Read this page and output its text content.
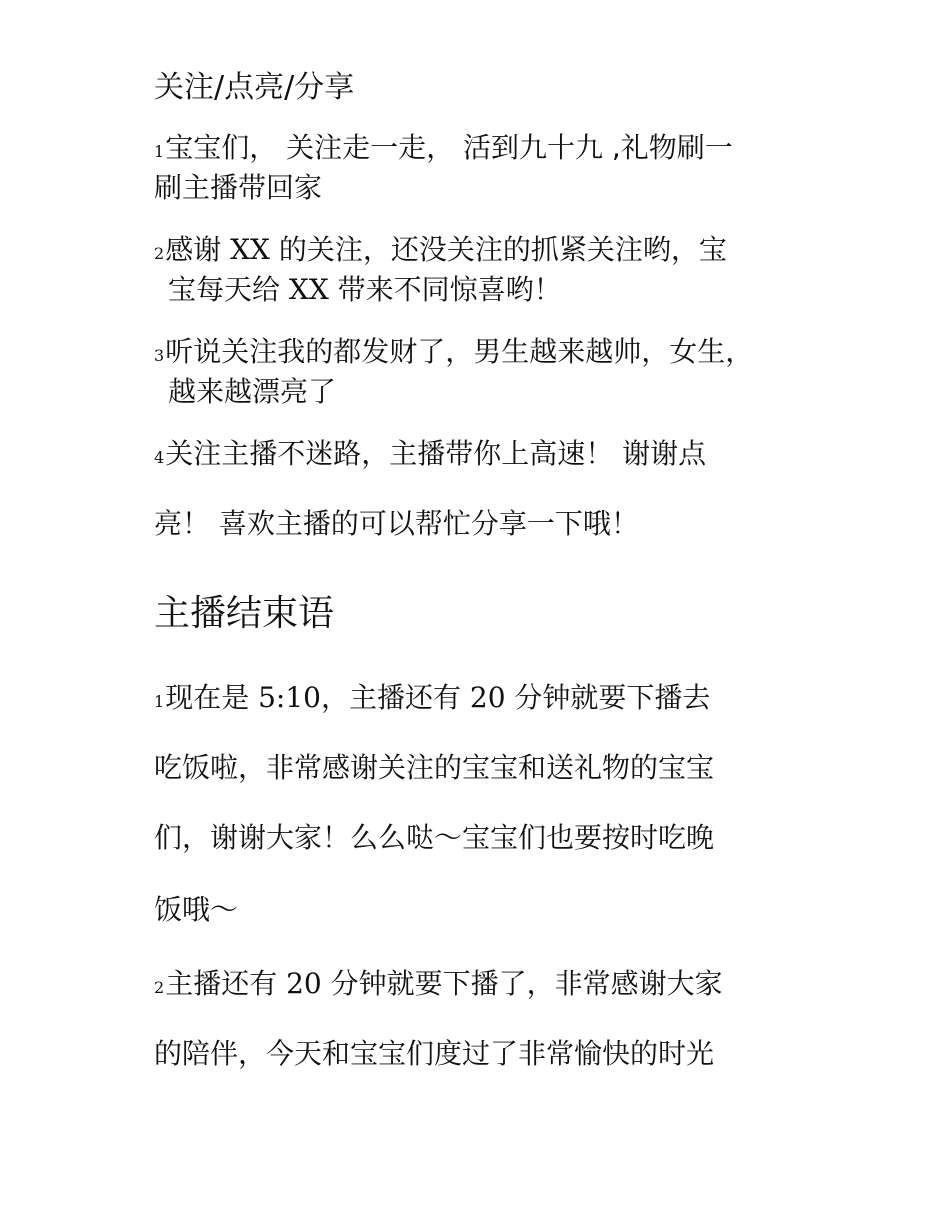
关注/点亮/分享
1宝宝们， 关注走一走， 活到九十九 ,礼物刷一
刷主播带回家
2感谢 XX 的关注，还没关注的抓紧关注哟，宝
宝每天给 XX 带来不同惊喜哟！
3听说关注我的都发财了，男生越来越帅，女生，
越来越漂亮了
4关注主播不迷路，主播带你上高速！ 谢谢点
亮！ 喜欢主播的可以帮忙分享一下哦！
主播结束语
1现在是 5:10，主播还有 20 分钟就要下播去
吃饭啦，非常感谢关注的宝宝和送礼物的宝宝
们，谢谢大家！么么哒～宝宝们也要按时吃晚
饭哦～
2主播还有 20 分钟就要下播了，非常感谢大家
的陪伴，今天和宝宝们度过了非常愉快的时光
